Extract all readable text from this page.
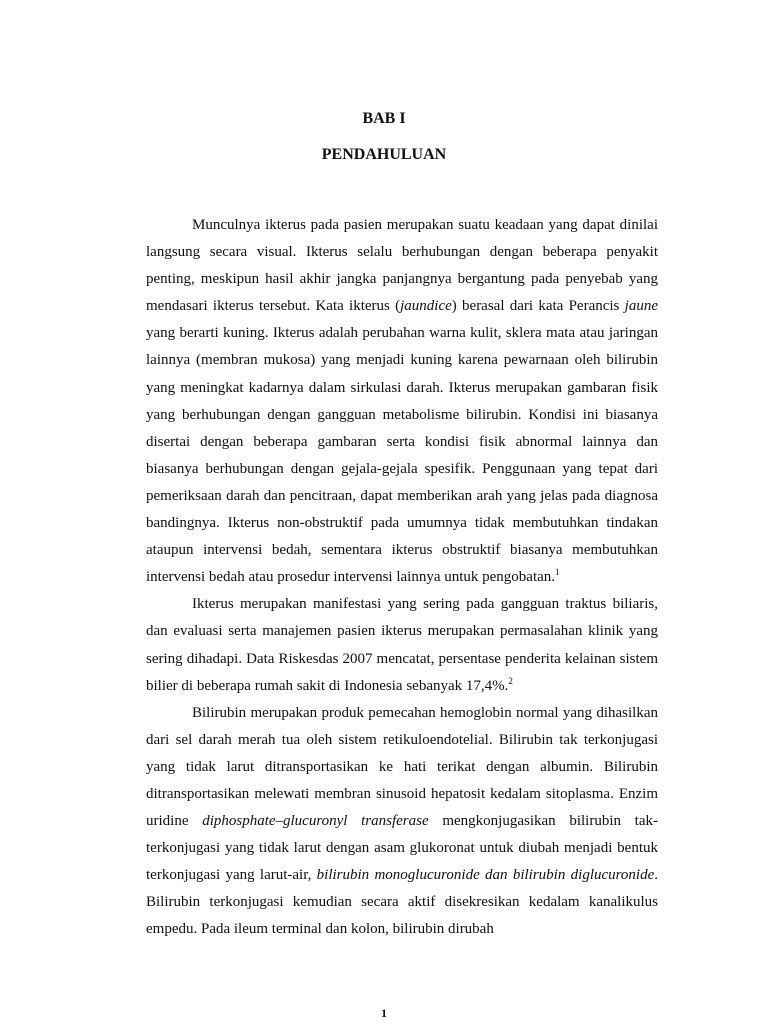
BAB I
PENDAHULUAN

Munculnya ikterus pada pasien merupakan suatu keadaan yang dapat dinilai langsung secara visual. Ikterus selalu berhubungan dengan beberapa penyakit penting, meskipun hasil akhir jangka panjangnya bergantung pada penyebab yang mendasari ikterus tersebut. Kata ikterus (jaundice) berasal dari kata Perancis jaune yang berarti kuning. Ikterus adalah perubahan warna kulit, sklera mata atau jaringan lainnya (membran mukosa) yang menjadi kuning karena pewarnaan oleh bilirubin yang meningkat kadarnya dalam sirkulasi darah. Ikterus merupakan gambaran fisik yang berhubungan dengan gangguan metabolisme bilirubin. Kondisi ini biasanya disertai dengan beberapa gambaran serta kondisi fisik abnormal lainnya dan biasanya berhubungan dengan gejala-gejala spesifik. Penggunaan yang tepat dari pemeriksaan darah dan pencitraan, dapat memberikan arah yang jelas pada diagnosa bandingnya. Ikterus non-obstruktif pada umumnya tidak membutuhkan tindakan ataupun intervensi bedah, sementara ikterus obstruktif biasanya membutuhkan intervensi bedah atau prosedur intervensi lainnya untuk pengobatan.$^1$

Ikterus merupakan manifestasi yang sering pada gangguan traktus biliaris, dan evaluasi serta manajemen pasien ikterus merupakan permasalahan klinik yang sering dihadapi. Data Riskesdas 2007 mencatat, persentase penderita kelainan sistem bilier di beberapa rumah sakit di Indonesia sebanyak 17,4%.$^2$

Bilirubin merupakan produk pemecahan hemoglobin normal yang dihasilkan dari sel darah merah tua oleh sistem retikuloendotelial. Bilirubin tak terkonjugasi yang tidak larut ditransportasikan ke hati terikat dengan albumin. Bilirubin ditransportasikan melewati membran sinusoid hepatosit kedalam sitoplasma. Enzim uridine diphosphate–glucuronyl transferase mengkonjugasikan bilirubin tak-terkonjugasi yang tidak larut dengan asam glukoronat untuk diubah menjadi bentuk terkonjugasi yang larut-air, bilirubin monoglucuronide dan bilirubin diglucuronide. Bilirubin terkonjugasi kemudian secara aktif disekresikan kedalam kanalikulus empedu. Pada ileum terminal dan kolon, bilirubin dirubah

1
